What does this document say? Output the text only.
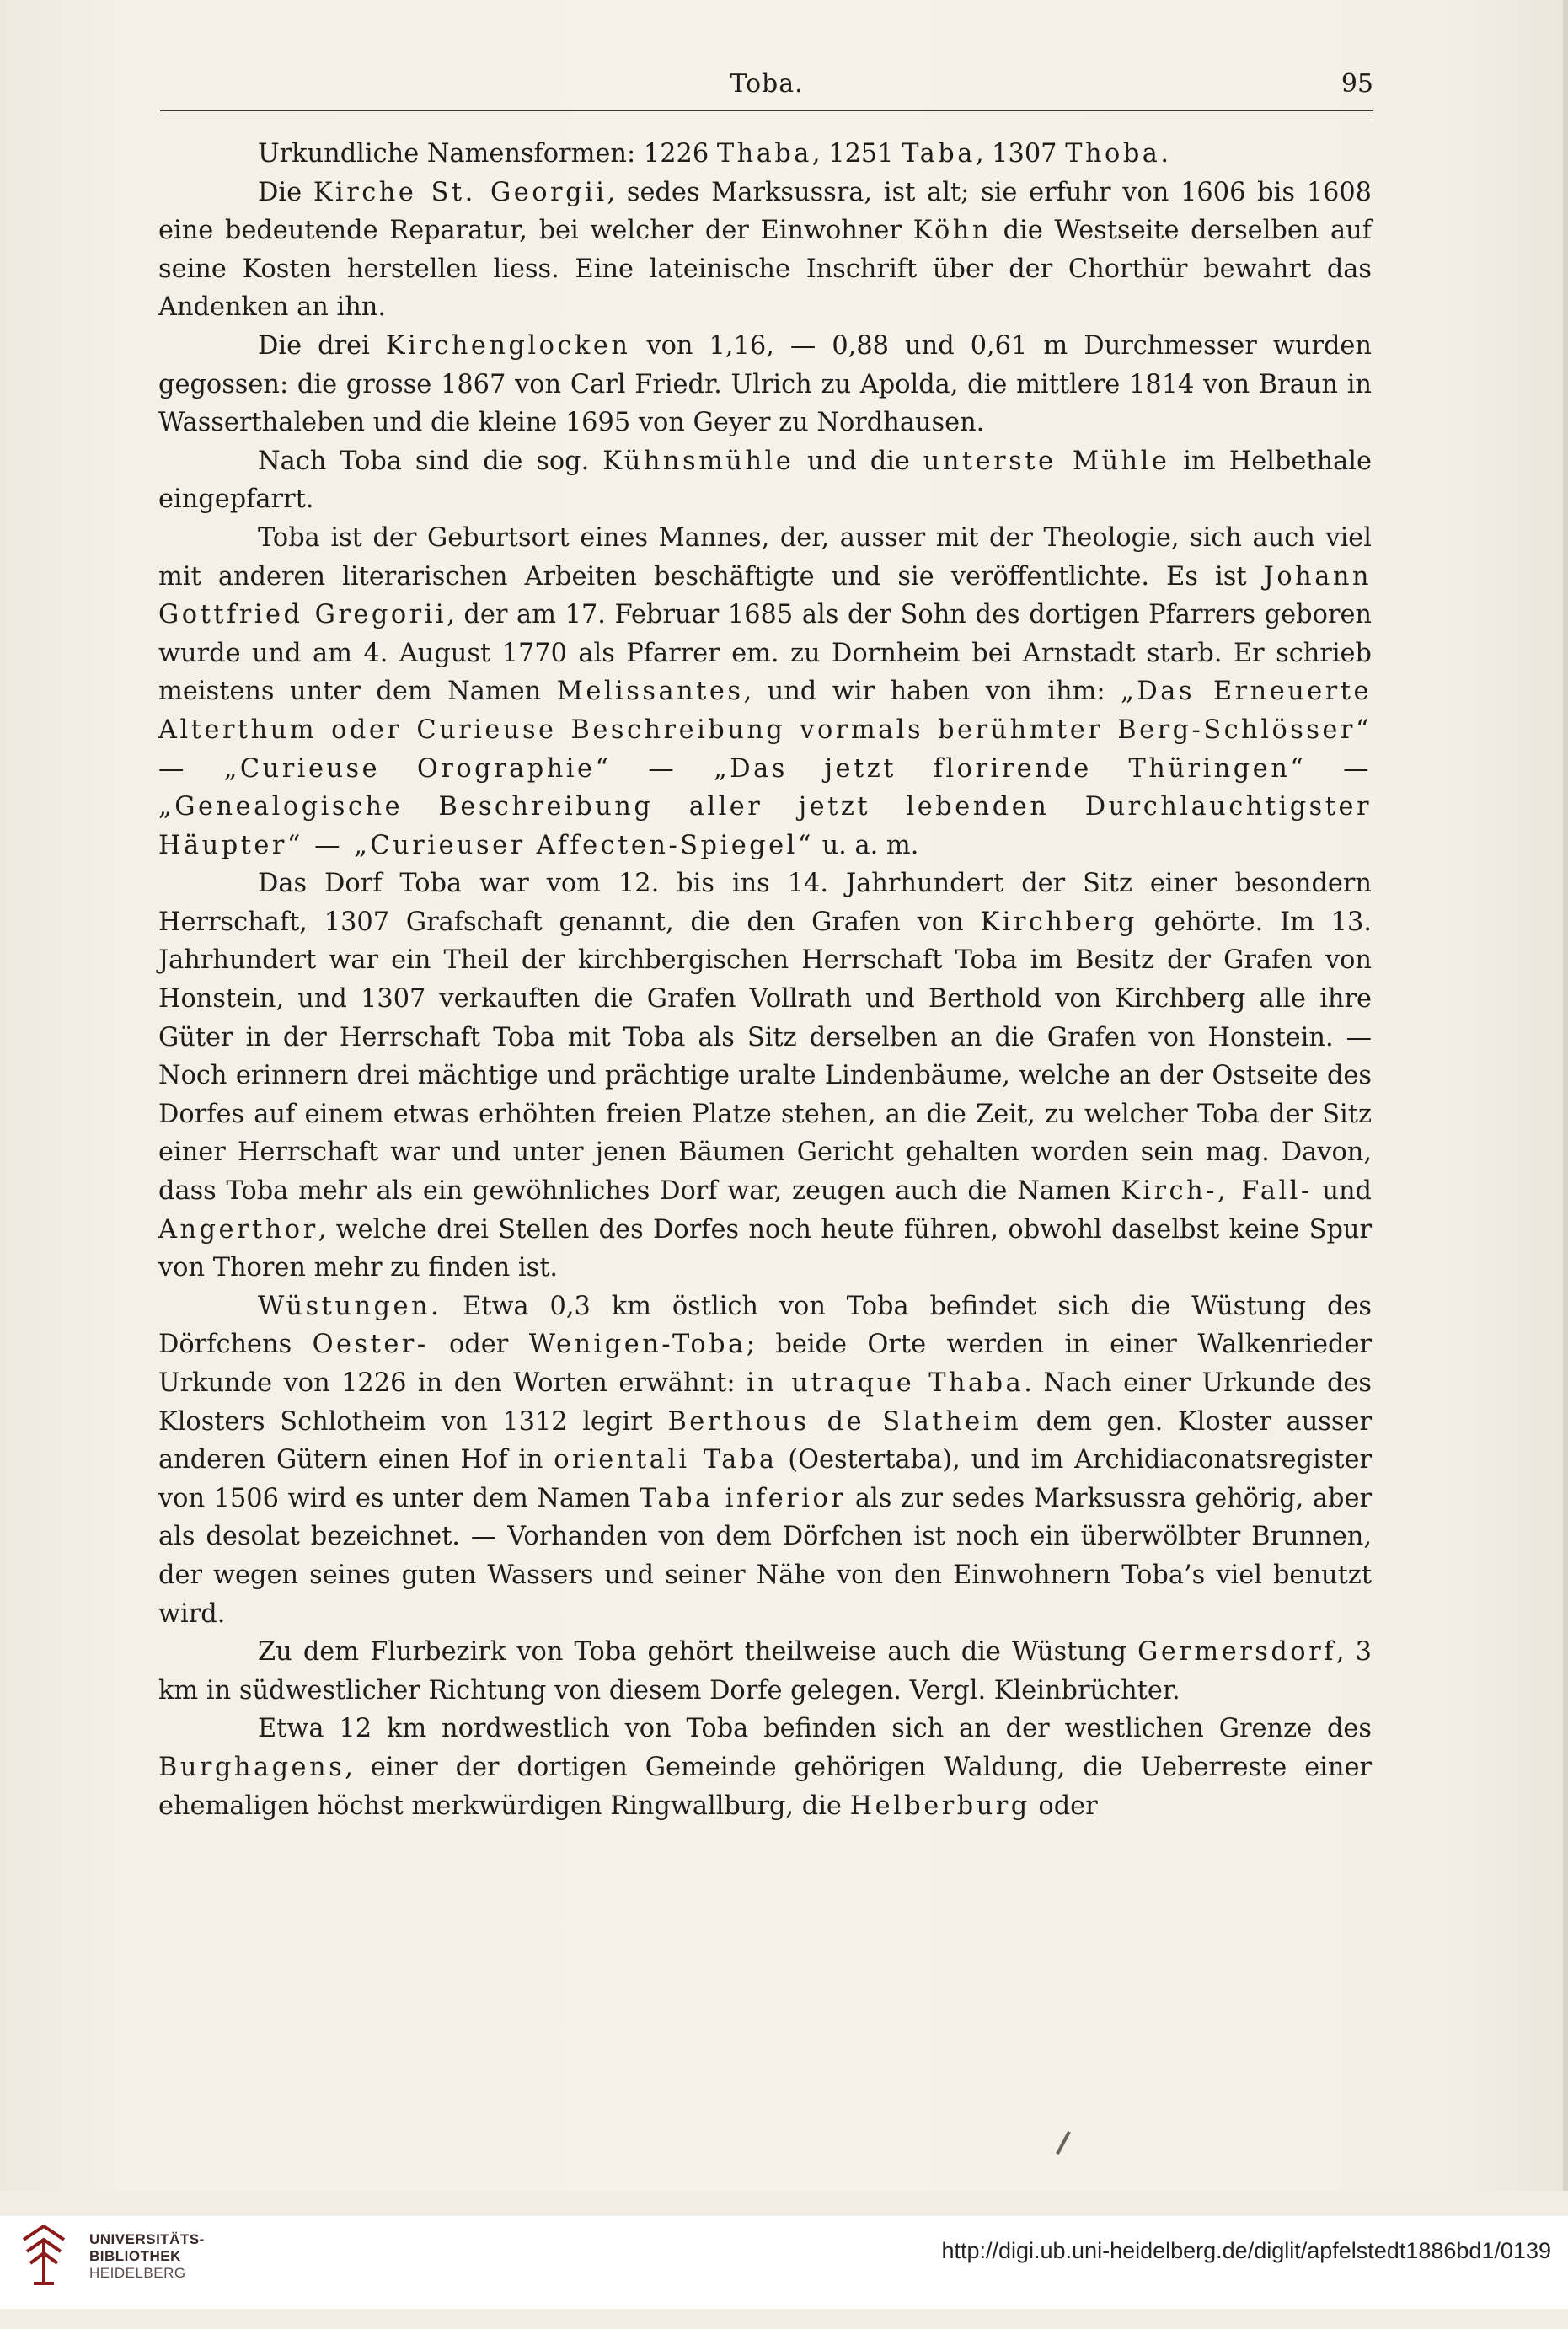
Toba.	95

Urkundliche Namensformen: 1226 Thaba, 1251 Taba, 1307 Thoba.

Die Kirche St. Georgii, sedes Marksussra, ist alt; sie erfuhr von 1606 bis 1608 eine bedeutende Reparatur, bei welcher der Einwohner Köhn die Westseite derselben auf seine Kosten herstellen liess. Eine lateinische Inschrift über der Chorthür bewahrt das Andenken an ihn.

Die drei Kirchenglocken von 1,16, — 0,88 und 0,61 m Durchmesser wurden gegossen: die grosse 1867 von Carl Friedr. Ulrich zu Apolda, die mittlere 1814 von Braun in Wasserthaleben und die kleine 1695 von Geyer zu Nordhausen.

Nach Toba sind die sog. Kühnsmühle und die unterste Mühle im Helbethale eingepfarrt.

Toba ist der Geburtsort eines Mannes, der, ausser mit der Theologie, sich auch viel mit anderen literarischen Arbeiten beschäftigte und sie veröffentlichte. Es ist Johann Gottfried Gregorii, der am 17. Februar 1685 als der Sohn des dortigen Pfarrers geboren wurde und am 4. August 1770 als Pfarrer em. zu Dornheim bei Arnstadt starb. Er schrieb meistens unter dem Namen Melissantes, und wir haben von ihm: „Das Erneuerte Alterthum oder Curieuse Beschreibung vormals berühmter Berg-Schlösser“ — „Curieuse Orographie“ — „Das jetzt florirende Thüringen“ — „Genealogische Beschreibung aller jetzt lebenden Durchlauchtigster Häupter“ — „Curieuser Affecten-Spiegel“ u. a. m.

Das Dorf Toba war vom 12. bis ins 14. Jahrhundert der Sitz einer besondern Herrschaft, 1307 Grafschaft genannt, die den Grafen von Kirchberg gehörte. Im 13. Jahrhundert war ein Theil der kirchbergischen Herrschaft Toba im Besitz der Grafen von Honstein, und 1307 verkauften die Grafen Vollrath und Berthold von Kirchberg alle ihre Güter in der Herrschaft Toba mit Toba als Sitz derselben an die Grafen von Honstein. — Noch erinnern drei mächtige und prächtige uralte Lindenbäume, welche an der Ostseite des Dorfes auf einem etwas erhöhten freien Platze stehen, an die Zeit, zu welcher Toba der Sitz einer Herrschaft war und unter jenen Bäumen Gericht gehalten worden sein mag. Davon, dass Toba mehr als ein gewöhnliches Dorf war, zeugen auch die Namen Kirch-, Fall- und Angerthor, welche drei Stellen des Dorfes noch heute führen, obwohl daselbst keine Spur von Thoren mehr zu finden ist.

Wüstungen. Etwa 0,3 km östlich von Toba befindet sich die Wüstung des Dörfchens Oester- oder Wenigen-Toba; beide Orte werden in einer Walkenrieder Urkunde von 1226 in den Worten erwähnt: in utraque Thaba. Nach einer Urkunde des Klosters Schlotheim von 1312 legirt Berthous de Slatheim dem gen. Kloster ausser anderen Gütern einen Hof in orientali Taba (Oestertaba), und im Archidiaconatsregister von 1506 wird es unter dem Namen Taba inferior als zur sedes Marksussra gehörig, aber als desolat bezeichnet. — Vorhanden von dem Dörfchen ist noch ein überwölbter Brunnen, der wegen seines guten Wassers und seiner Nähe von den Einwohnern Toba’s viel benutzt wird.

Zu dem Flurbezirk von Toba gehört theilweise auch die Wüstung Germersdorf, 3 km in südwestlicher Richtung von diesem Dorfe gelegen. Vergl. Kleinbrüchter.

Etwa 12 km nordwestlich von Toba befinden sich an der westlichen Grenze des Burghagens, einer der dortigen Gemeinde gehörigen Waldung, die Ueberreste einer ehemaligen höchst merkwürdigen Ringwallburg, die Helberburg oder

UNIVERSITÄTS-
BIBLIOTHEK
HEIDELBERG
http://digi.ub.uni-heidelberg.de/diglit/apfelstedt1886bd1/0139
